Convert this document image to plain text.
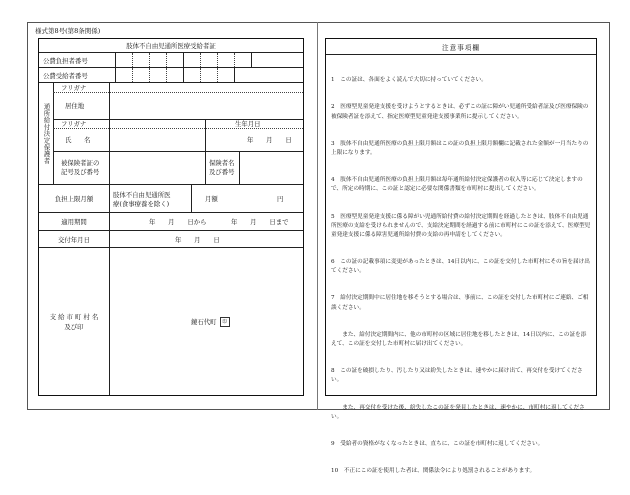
様式第8号(第8条関係)
肢体不自由児通所医療受給者証
公費負担者番号
公費受給者番号
通所給付決定保護者
フリガナ
居住地
フリガナ	生年月日
氏　　名	年　　月　　日
被保険者証の
記号及び番号
保険者名
及び番号
負担上限月額
肢体不自由児通所医
療(食事療養を除く)
月額	円
適用期間	年　　月　　日から	年　　月　　日まで
交付年月日	年　　月　　日
支 給 市 町 村 名
及び印
鏡石代町	印
注意事項欄

1　この証は、各面をよく読んで大切に持っていてください。

2　医療型児童発達支援を受けようとするときは、必ずこの証に障がい児通所受給者証及び医療保険の被保険者証を添えて、指定医療型児童発達支援事業所に提示してください。

3　肢体不自由児通所医療の負担上限月額はこの証の負担上限月額欄に記載された金額が一月当たりの上限になります。

4　肢体不自由児通所医療の負担上限月額は毎年通所給付決定保護者の収入等に応じて決定しますので、所定の時期に、この証と認定に必要な関係書類を市町村に提出してください。

5　医療型児童発達支援に係る障がい児通所給付費の給付決定期間を経過したときは、肢体不自由児通所医療の支給を受けられませんので、支給決定期間を経過する前に市町村にこの証を添えて、医療型児童発達支援に係る障害児通所給付費の支給の再申請をしてください。

6　この証の記載事項に変更があったときは、14日以内に、この証を交付した市町村にその旨を届け出てください。

7　給付決定期間中に居住地を移そうとする場合は、事前に、この証を交付した市町村にご連絡、ご相談ください。

　　また、給付決定期間内に、他の市町村の区域に居住地を移したときは、14日以内に、この証を添えて、この証を交付した市町村に届け出てください。

8　この証を破損したり、汚したり又は紛失したときは、速やかに届け出て、再交付を受けてください。

　　また、再交付を受けた後、紛失したこの証を発見したときは、速やかに、市町村に返してください。

9　受給者の資格がなくなったときは、直ちに、この証を市町村に返してください。

10　不正にこの証を使用した者は、関係法令により処罰されることがあります。
